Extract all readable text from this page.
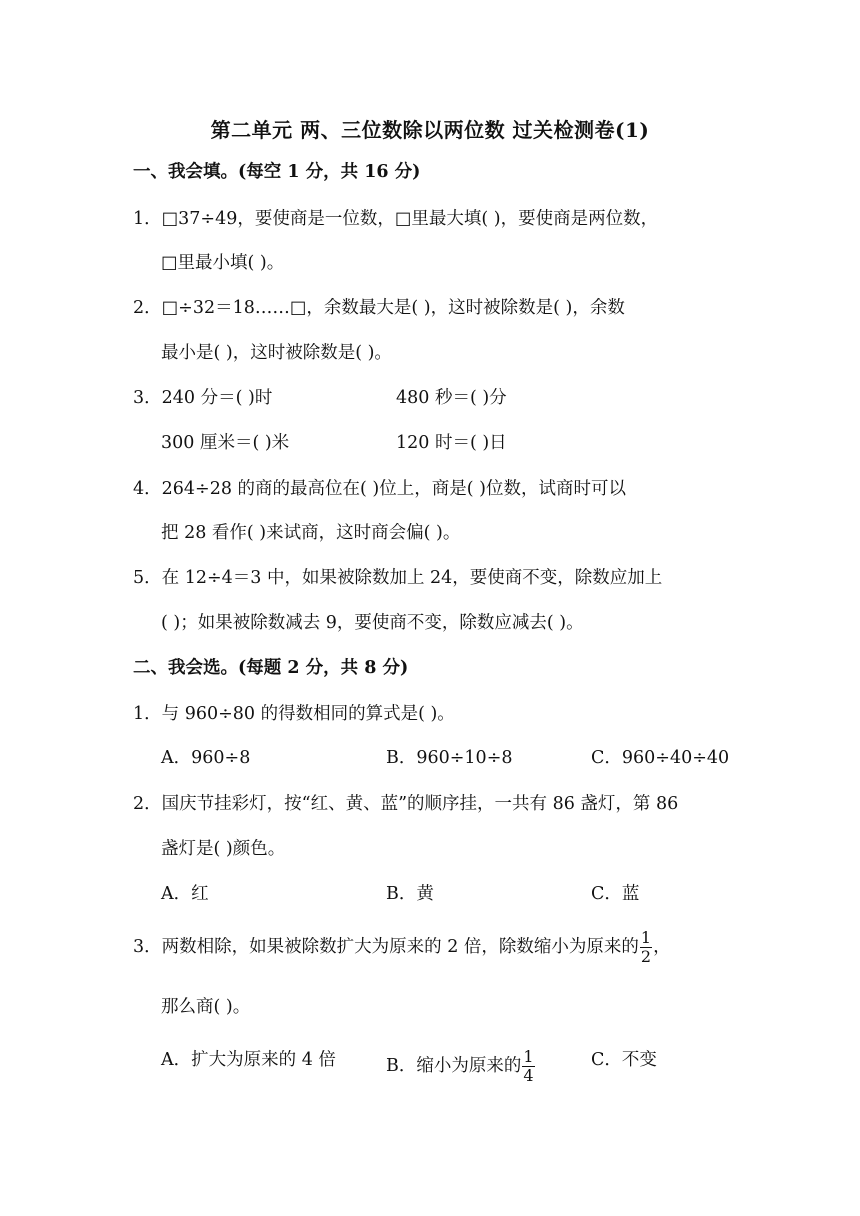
第二单元 两、三位数除以两位数 过关检测卷(1)
一、我会填。(每空 1 分，共 16 分)
1．□37÷49，要使商是一位数，□里最大填( )，要使商是两位数，
□里最小填( )。
2．□÷32＝18……□，余数最大是( )，这时被除数是( )，余数
最小是( )，这时被除数是( )。
3．240 分＝( )时	480 秒＝( )分
300 厘米＝( )米	120 时＝( )日
4．264÷28 的商的最高位在( )位上，商是( )位数，试商时可以
把 28 看作( )来试商，这时商会偏( )。
5．在 12÷4＝3 中，如果被除数加上 24，要使商不变，除数应加上
( )；如果被除数减去 9，要使商不变，除数应减去( )。
二、我会选。(每题 2 分，共 8 分)
1．与 960÷80 的得数相同的算式是( )。
A．960÷8	B．960÷10÷8	C．960÷40÷40
2．国庆节挂彩灯，按“红、黄、蓝”的顺序挂，一共有 86 盏灯，第 86
盏灯是( )颜色。
A．红	B．黄	C．蓝
3．两数相除，如果被除数扩大为原来的 2 倍，除数缩小为原来的 $\frac{1}{2}$ ，
那么商( )。
A．扩大为原来的 4 倍	B．缩小为原来的 $\frac{1}{4}$	C．不变
